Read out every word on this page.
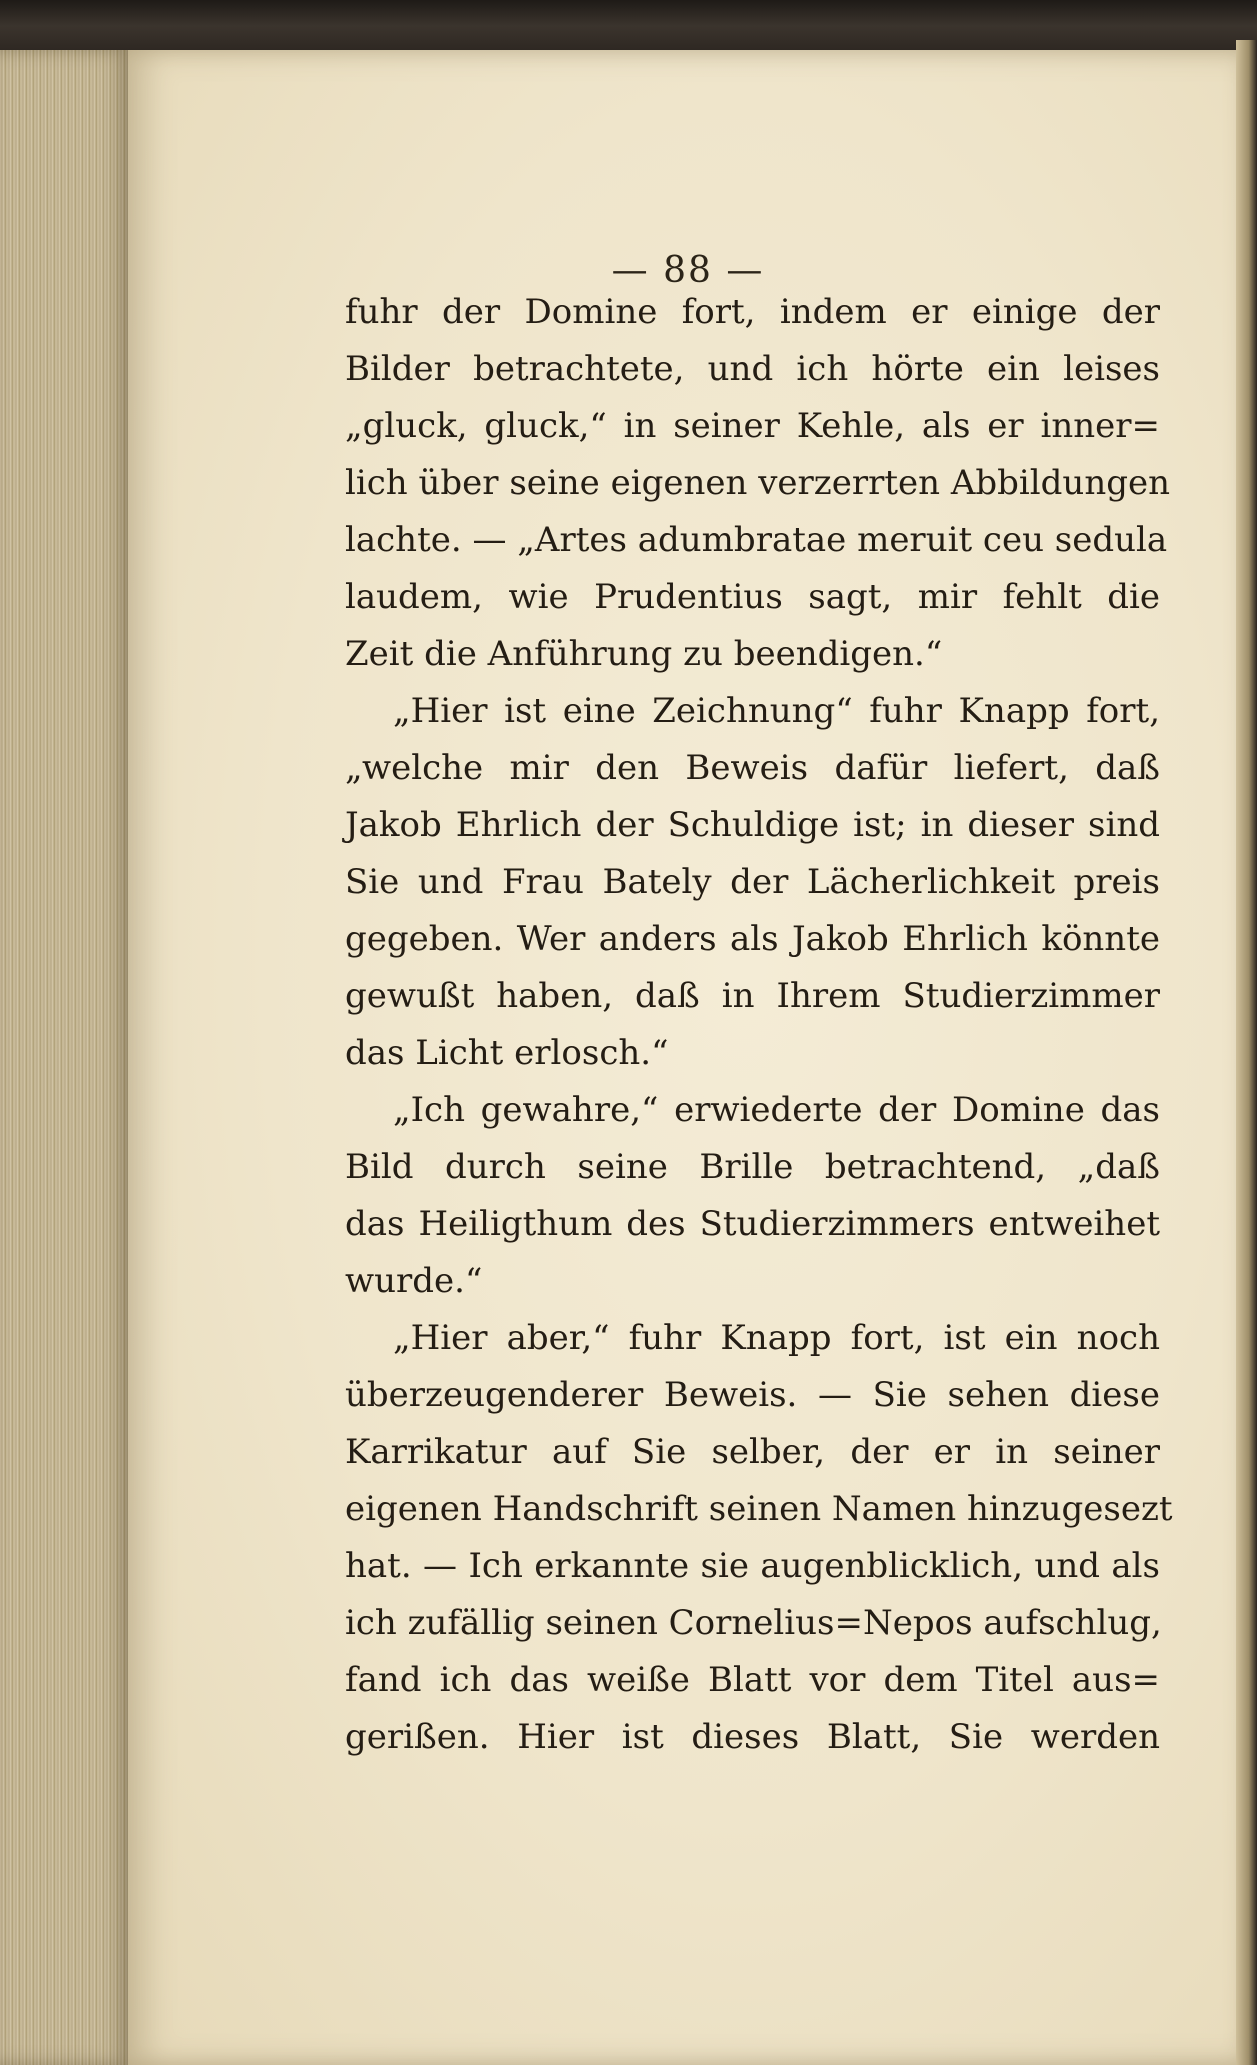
— 88 —
fuhr der Domine fort, indem er einige der
Bilder betrachtete, und ich hörte ein leises
„gluck, gluck,“ in seiner Kehle, als er inner=
lich über seine eigenen verzerrten Abbildungen
lachte. — „Artes adumbratae meruit ceu sedula
laudem, wie Prudentius sagt, mir fehlt die
Zeit die Anführung zu beendigen.“
„Hier ist eine Zeichnung“ fuhr Knapp fort,
„welche mir den Beweis dafür liefert, daß
Jakob Ehrlich der Schuldige ist; in dieser sind
Sie und Frau Bately der Lächerlichkeit preis
gegeben. Wer anders als Jakob Ehrlich könnte
gewußt haben, daß in Ihrem Studierzimmer
das Licht erlosch.“
„Ich gewahre,“ erwiederte der Domine das
Bild durch seine Brille betrachtend, „daß
das Heiligthum des Studierzimmers entweihet
wurde.“
„Hier aber,“ fuhr Knapp fort, ist ein noch
überzeugenderer Beweis. — Sie sehen diese
Karrikatur auf Sie selber, der er in seiner
eigenen Handschrift seinen Namen hinzugesezt
hat. — Ich erkannte sie augenblicklich, und als
ich zufällig seinen Cornelius=Nepos aufschlug,
fand ich das weiße Blatt vor dem Titel aus=
gerißen. Hier ist dieses Blatt, Sie werden
